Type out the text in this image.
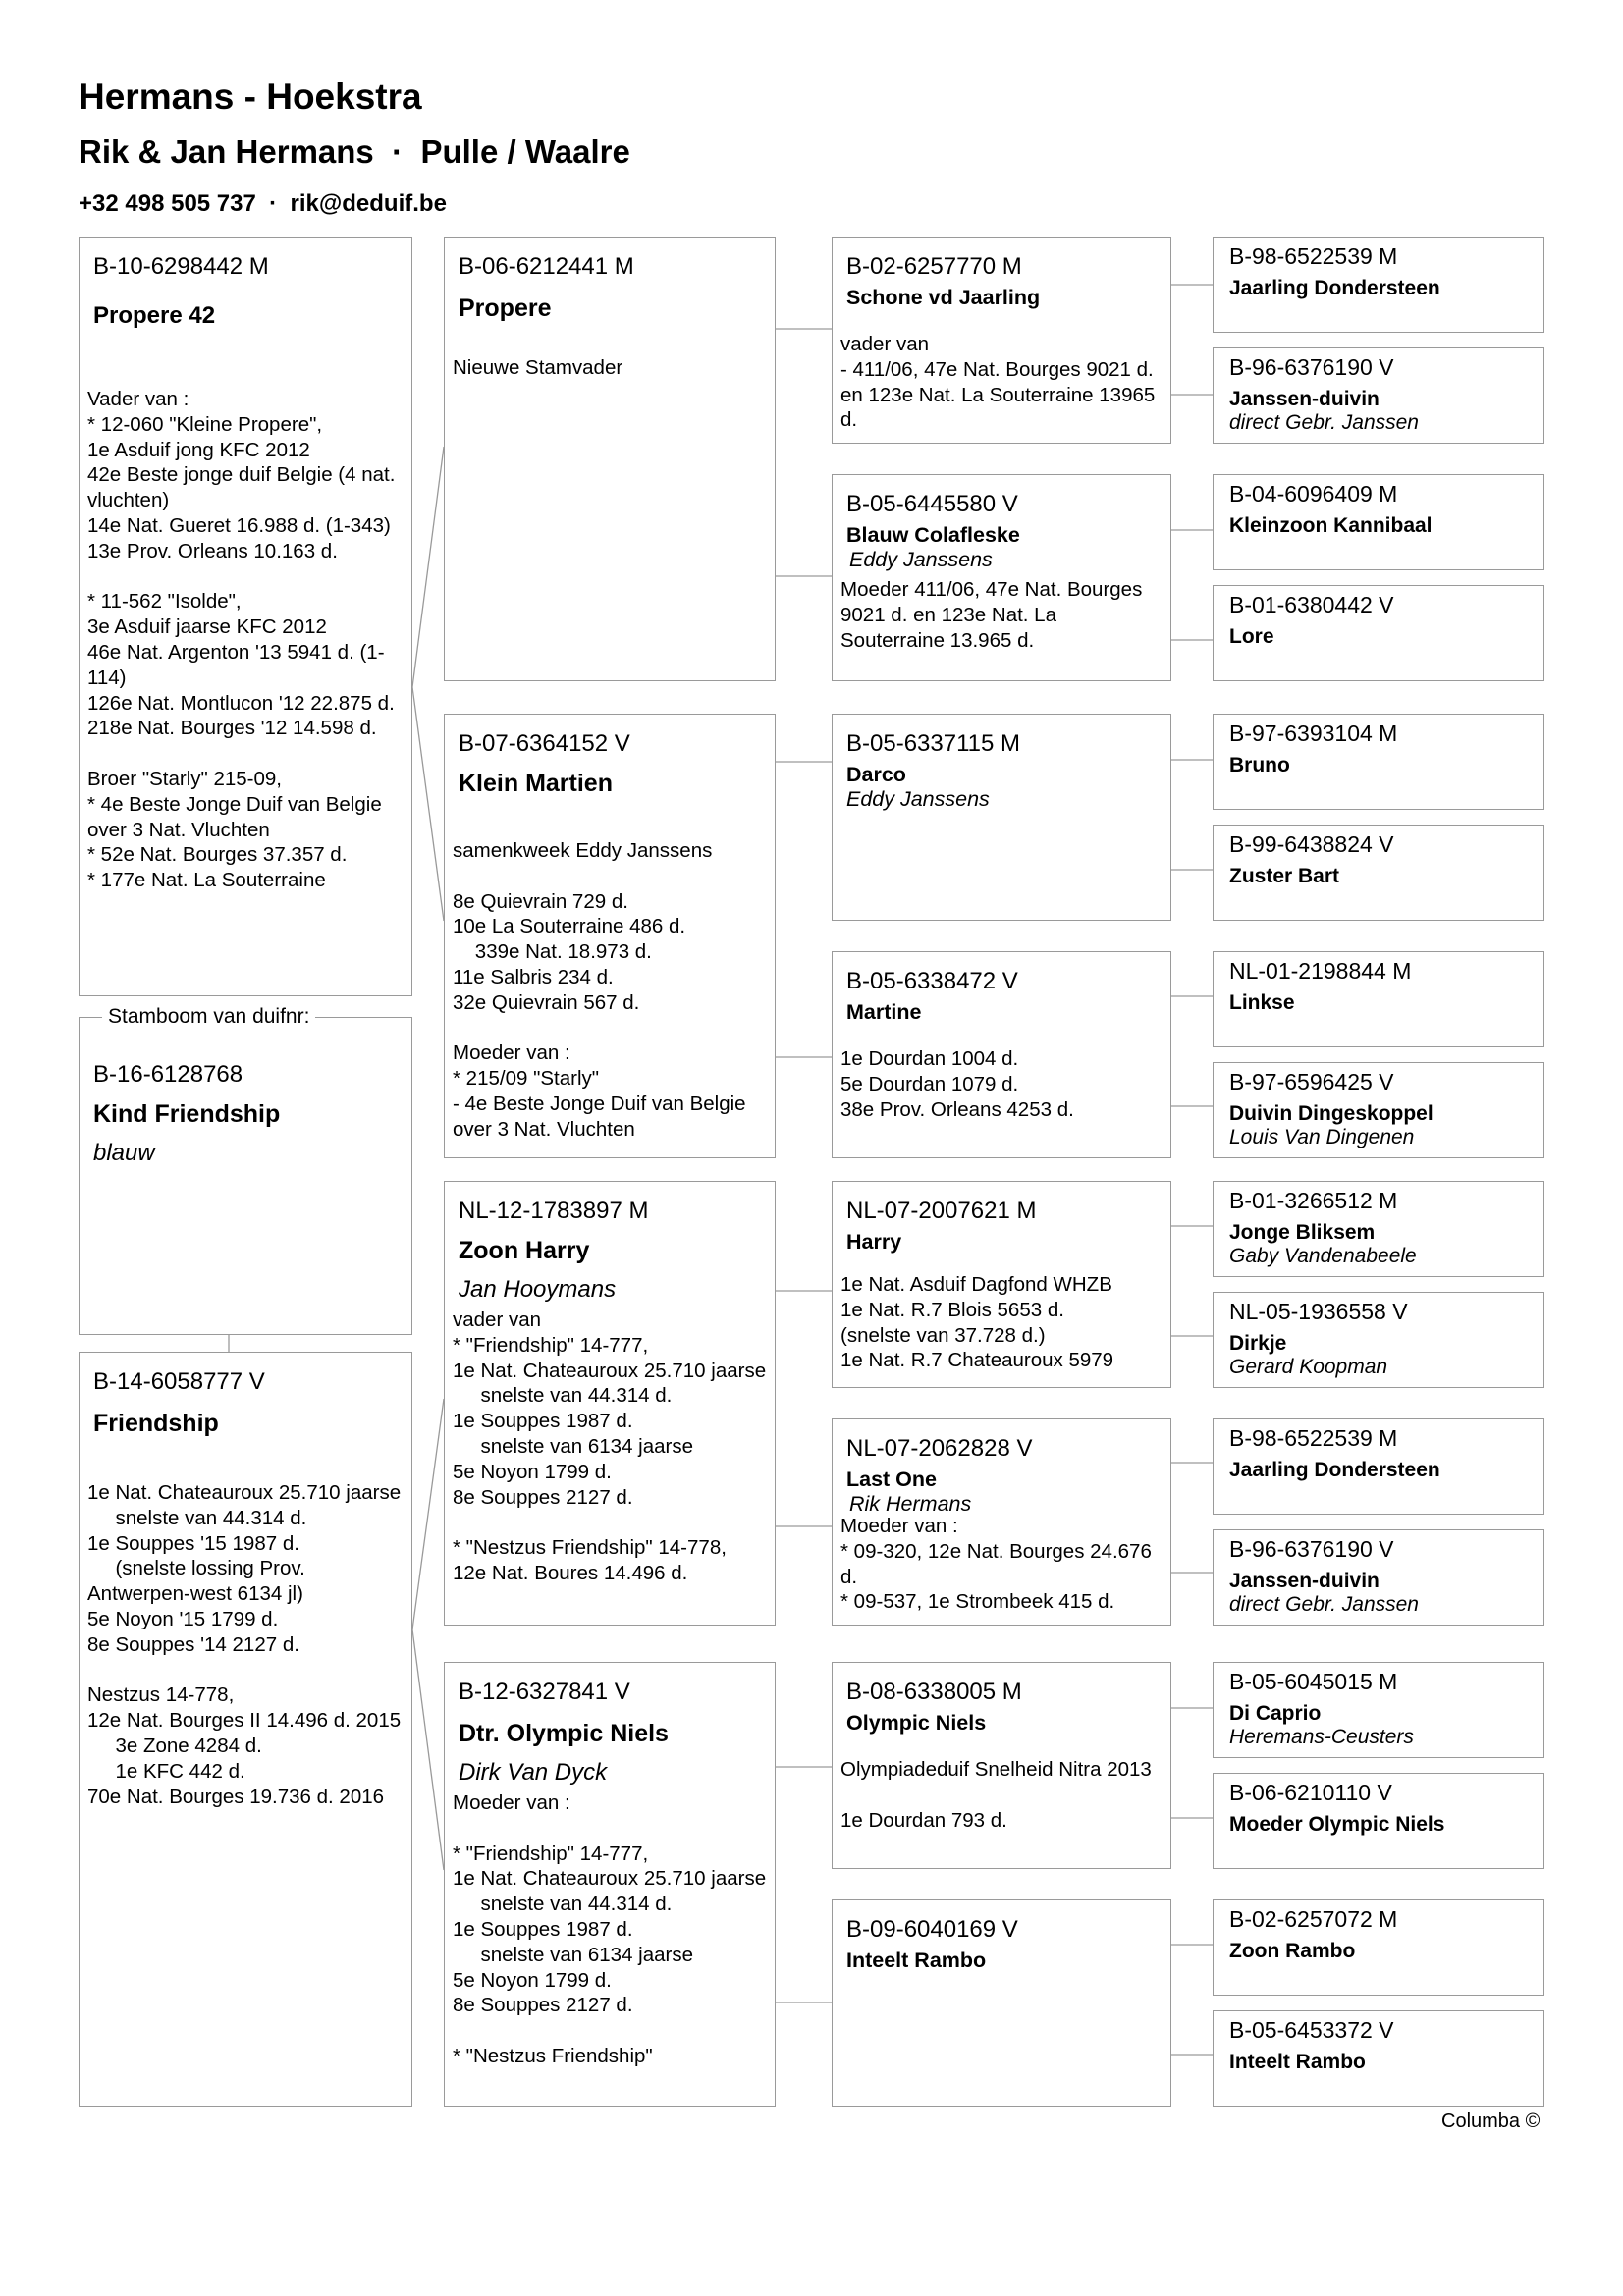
Hermans - Hoekstra
Rik & Jan Hermans  ·  Pulle / Waalre
+32 498 505 737  ·  rik@deduif.be
B-10-6298442 M
Propere 42
Vader van :
* 12-060 "Kleine Propere",
1e Asduif jong KFC 2012
42e Beste jonge duif Belgie (4 nat. vluchten)
14e Nat. Gueret 16.988 d. (1-343)
13e Prov. Orleans 10.163 d.

* 11-562 "Isolde",
3e Asduif jaarse KFC 2012
46e Nat. Argenton '13 5941 d. (1-114)
126e Nat. Montlucon '12 22.875 d.
218e Nat. Bourges '12 14.598 d.

Broer "Starly" 215-09,
* 4e Beste Jonge Duif van Belgie over 3 Nat. Vluchten
* 52e Nat. Bourges 37.357 d.
* 177e Nat. La Souterraine
B-16-6128768
Kind Friendship
blauw
Stamboom van duifnr:
B-14-6058777 V
Friendship
1e Nat. Chateauroux 25.710 jaarse
snelste van 44.314 d.
1e Souppes '15 1987 d.
(snelste lossing Prov. Antwerpen-west 6134 jl)
5e Noyon '15 1799 d.
8e Souppes '14 2127 d.

Nestzus 14-778,
12e Nat. Bourges II 14.496 d. 2015
3e Zone 4284 d.
1e KFC 442 d.
70e Nat. Bourges 19.736 d. 2016
B-06-6212441 M
Propere
Nieuwe Stamvader
B-07-6364152 V
Klein Martien
samenkweek Eddy Janssens

8e Quievrain 729 d.
10e La Souterraine 486 d.
339e Nat. 18.973 d.
11e Salbris 234 d.
32e Quievrain 567 d.

Moeder van :
* 215/09 "Starly"
- 4e Beste Jonge Duif van Belgie over 3 Nat. Vluchten
NL-12-1783897 M
Zoon Harry
Jan Hooymans
vader van
* "Friendship" 14-777,
1e Nat. Chateauroux 25.710 jaarse
snelste van 44.314 d.
1e Souppes 1987 d.
snelste van 6134 jaarse
5e Noyon 1799 d.
8e Souppes 2127 d.

* "Nestzus Friendship" 14-778,
12e Nat. Boures 14.496 d.
B-12-6327841 V
Dtr. Olympic Niels
Dirk Van Dyck
Moeder van :

* "Friendship" 14-777,
1e Nat. Chateauroux 25.710 jaarse
snelste van 44.314 d.
1e Souppes 1987 d.
snelste van 6134 jaarse
5e Noyon 1799 d.
8e Souppes 2127 d.

* "Nestzus Friendship"
B-02-6257770 M
Schone vd Jaarling
vader van
- 411/06, 47e Nat. Bourges 9021 d. en 123e Nat. La Souterraine 13965 d.
B-05-6445580 V
Blauw Colafleske
Eddy Janssens
Moeder 411/06, 47e Nat. Bourges 9021 d. en 123e Nat. La Souterraine 13.965 d.
B-05-6337115 M
Darco
Eddy Janssens
B-05-6338472 V
Martine
1e Dourdan 1004 d.
5e Dourdan 1079 d.
38e Prov. Orleans 4253 d.
NL-07-2007621 M
Harry
1e Nat. Asduif Dagfond WHZB
1e Nat. R.7 Blois 5653 d.
(snelste van 37.728 d.)
1e Nat. R.7 Chateauroux 5979
NL-07-2062828 V
Last One
Rik Hermans
Moeder van :
* 09-320, 12e Nat. Bourges 24.676 d.
* 09-537, 1e Strombeek 415 d.
B-08-6338005 M
Olympic Niels
Olympiadeduif Snelheid Nitra 2013

1e Dourdan 793 d.
B-09-6040169 V
Inteelt Rambo
B-98-6522539 M
Jaarling Dondersteen
B-96-6376190 V
Janssen-duivin
direct Gebr. Janssen
B-04-6096409 M
Kleinzoon Kannibaal
B-01-6380442 V
Lore
B-97-6393104 M
Bruno
B-99-6438824 V
Zuster Bart
NL-01-2198844 M
Linkse
B-97-6596425 V
Duivin Dingeskoppel
Louis Van Dingenen
B-01-3266512 M
Jonge Bliksem
Gaby Vandenabeele
NL-05-1936558 V
Dirkje
Gerard Koopman
B-98-6522539 M
Jaarling Dondersteen
B-96-6376190 V
Janssen-duivin
direct Gebr. Janssen
B-05-6045015 M
Di Caprio
Heremans-Ceusters
B-06-6210110 V
Moeder Olympic Niels
B-02-6257072 M
Zoon Rambo
B-05-6453372 V
Inteelt Rambo
Columba ©
